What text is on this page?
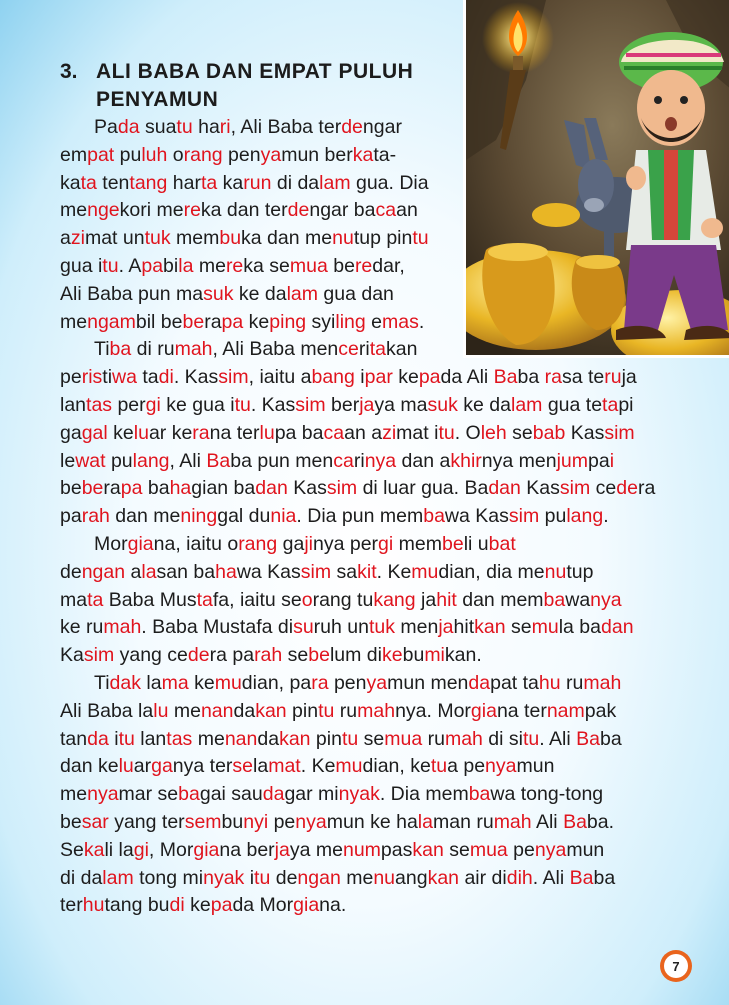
3. ALI BABA DAN EMPAT PULUH PENYAMUN
Pada suatu hari, Ali Baba terdengar
empat puluh orang penyamun berkata-
kata tentang harta karun di dalam gua. Dia
mengekori mereka dan terdengar bacaan
azimat untuk membuka dan menutup pintu
gua itu. Apabila mereka semua beredar,
Ali Baba pun masuk ke dalam gua dan
mengambil beberapa keping syiling emas.
Tiba di rumah, Ali Baba menceritakan
peristiwa tadi. Kassim, iaitu abang ipar kepada Ali Baba rasa teruja
lantas pergi ke gua itu. Kassim berjaya masuk ke dalam gua tetapi
gagal keluar kerana terlupa bacaan azimat itu. Oleh sebab Kassim
lewat pulang, Ali Baba pun mencarinya dan akhirnya menjumpai
beberapa bahagian badan Kassim di luar gua. Badan Kassim cedera
parah dan meninggal dunia. Dia pun membawa Kassim pulang.
Morgiana, iaitu orang gajinya pergi membeli ubat
dengan alasan bahawa Kassim sakit. Kemudian, dia menutup
mata Baba Mustafa, iaitu seorang tukang jahit dan membawanya
ke rumah. Baba Mustafa disuruh untuk menjahitkan semula badan
Kasim yang cedera parah sebelum dikebumikan.
Tidak lama kemudian, para penyamun mendapat tahu rumah
Ali Baba lalu menandakan pintu rumahnya. Morgiana ternampak
tanda itu lantas menandakan pintu semua rumah di situ. Ali Baba
dan keluarganya terselamat. Kemudian, ketua penyamun
menyamar sebagai saudagar minyak. Dia membawa tong-tong
besar yang tersembunyi penyamun ke halaman rumah Ali Baba.
Sekali lagi, Morgiana berjaya menumpaskan semua penyamun
di dalam tong minyak itu dengan menuangkan air didih. Ali Baba
terhutang budi kepada Morgiana.
7
